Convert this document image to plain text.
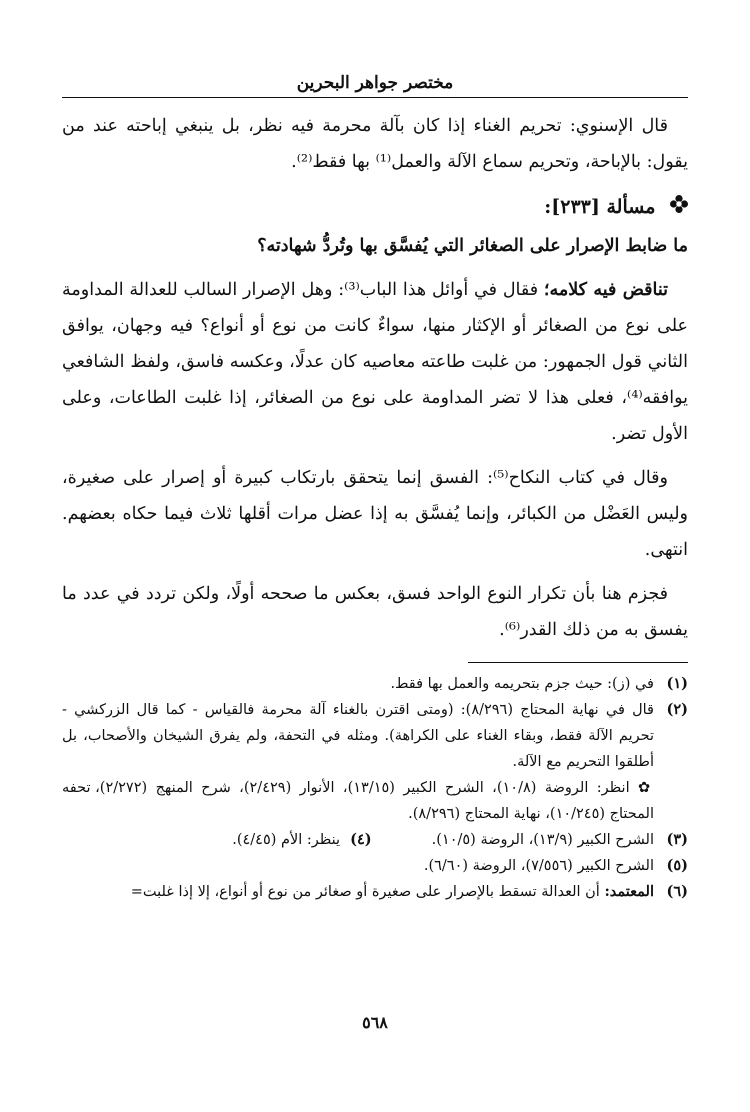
مختصر جواهر البحرين

قال الإسنوي: تحريم الغناء إذا كان بآلة محرمة فيه نظر، بل ينبغي إباحته عند من يقول: بالإباحة، وتحريم سماع الآلة والعمل⁽¹⁾ بها فقط⁽²⁾.

مسألة [٢٣٣]:

ما ضابط الإصرار على الصغائر التي يُفسَّق بها وتُردُّ شهادته؟

تناقض فيه كلامه؛ فقال في أوائل هذا الباب⁽³⁾: وهل الإصرار السالب للعدالة المداومة على نوع من الصغائر أو الإكثار منها، سواءٌ كانت من نوع أو أنواع؟ فيه وجهان، يوافق الثاني قول الجمهور: من غلبت طاعته معاصيه كان عدلًا، وعكسه فاسق، ولفظ الشافعي يوافقه⁽⁴⁾، فعلى هذا لا تضر المداومة على نوع من الصغائر، إذا غلبت الطاعات، وعلى الأول تضر.

وقال في كتاب النكاح⁽⁵⁾: الفسق إنما يتحقق بارتكاب كبيرة أو إصرار على صغيرة، وليس العَضْل من الكبائر، وإنما يُفسَّق به إذا عضل مرات أقلها ثلاث فيما حكاه بعضهم. انتهى.

فجزم هنا بأن تكرار النوع الواحد فسق، بعكس ما صححه أولًا، ولكن تردد في عدد ما يفسق به من ذلك القدر⁽⁶⁾.

(١)
في (ز): حيث جزم بتحريمه والعمل بها فقط.
(٢)
قال في نهاية المحتاج (٨/٢٩٦): (ومتى اقترن بالغناء آلة محرمة فالقياس - كما قال الزركشي - تحريم الآلة فقط، وبقاء الغناء على الكراهة). ومثله في التحفة، ولم يفرق الشيخان والأصحاب، بل أطلقوا التحريم مع الآلة.
✿ انظر: الروضة (١٠/٨)، الشرح الكبير (١٣/١٥)، الأنوار (٢/٤٢٩)، شرح المنهج (٢/٢٧٢)، تحفه المحتاج (١٠/٢٤٥)، نهاية المحتاج (٨/٢٩٦).
(٣)
الشرح الكبير (١٣/٩)، الروضة (١٠/٥).
(٤)
ينظر: الأم (٤/٤٥).
(٥)
الشرح الكبير (٧/٥٥٦)، الروضة (٦/٦٠).
(٦)
المعتمد: أن العدالة تسقط بالإصرار على صغيرة أو صغائر من نوع أو أنواع، إلا إذا غلبت=
٥٦٨
